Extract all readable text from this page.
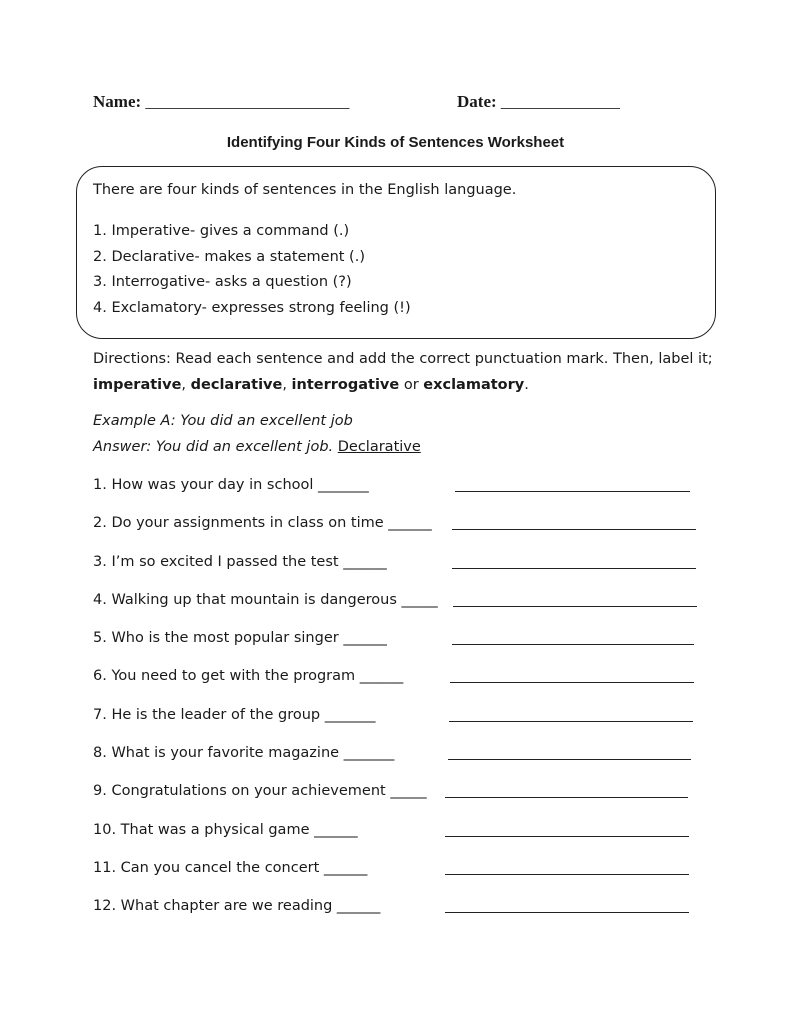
Name: ________________________	Date: ______________
Identifying Four Kinds of Sentences Worksheet
There are four kinds of sentences in the English language.
1. Imperative- gives a command (.)
2. Declarative- makes a statement (.)
3. Interrogative- asks a question (?)
4. Exclamatory- expresses strong feeling (!)
Directions: Read each sentence and add the correct punctuation mark. Then, label it; imperative, declarative, interrogative or exclamatory.
Example A: You did an excellent job
Answer: You did an excellent job. Declarative
1. How was your day in school _______
2. Do your assignments in class on time ______
3. I’m so excited I passed the test ______
4. Walking up that mountain is dangerous _____
5. Who is the most popular singer ______
6. You need to get with the program ______
7. He is the leader of the group _______
8. What is your favorite magazine _______
9. Congratulations on your achievement _____
10. That was a physical game ______
11. Can you cancel the concert ______
12. What chapter are we reading ______
